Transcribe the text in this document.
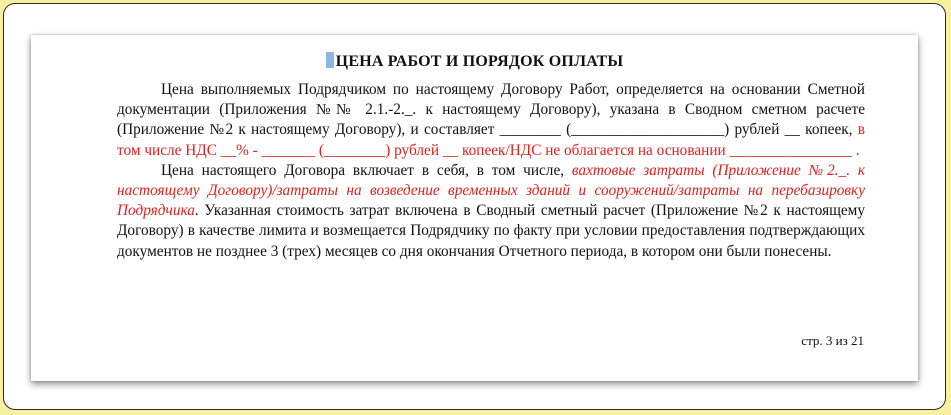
ЦЕНА РАБОТ И ПОРЯДОК ОПЛАТЫ

Цена выполняемых Подрядчиком по настоящему Договору Работ, определяется на основании Сметной документации (Приложения №№ 2.1.-2._. к настоящему Договору), указана в Сводном сметном расчете (Приложение №2 к настоящему Договору), и составляет ________ (____________________) рублей __ копеек, в том числе НДС __% - _______ (________) рублей __ копеек/НДС не облагается на основании ________________ .

Цена настоящего Договора включает в себя, в том числе, вахтовые затраты (Приложение №2._. к настоящему Договору)/затраты на возведение временных зданий и сооружений/затраты на перебазировку Подрядчика. Указанная стоимость затрат включена в Сводный сметный расчет (Приложение №2 к настоящему Договору) в качестве лимита и возмещается Подрядчику по факту при условии предоставления подтверждающих документов не позднее 3 (трех) месяцев со дня окончания Отчетного периода, в котором они были понесены.

стр. 3 из 21
